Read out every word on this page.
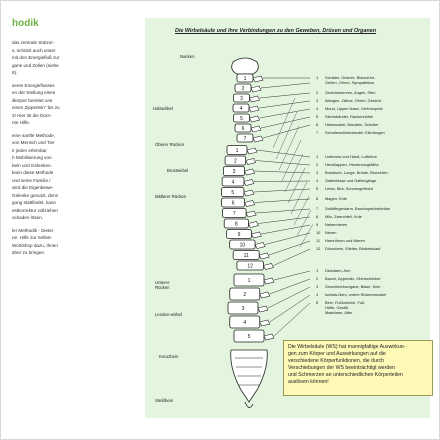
hodik
das zentrale Stützor-
s, schützt auch unser
mit den Energiefluß zur
gane und Zellen (siehe
8).
seres Energieflusses
en der Stellung eines
ilkörper bereitet uns
einen Zipperlein" bis zu
3! Hier ist die Dorn-
nte Hilfe.
eine sanfte Methode,
von Mensch und Tier
ir jeden erlernbar
h Mobilisierung von
beln und Gelenken.
kann diese Methode
und seine Familie /
wird die Eigenbewe-
Gelenke genutzt, denn
gung stattfindet, kann
estkorrektur vollziehen
ockaden lösen.
ler Methodik - Dieter
ne: Hilfe zur Selbst-
Workshop dazu, Ihnen
äher zu bringen.
Die Wirbelsäule und ihre Verbindungen zu den Geweben, Drüsen und Organen
1
2
3
4
5
6
7
1
2
3
4
5
6
7
8
9
10
11
12
1
2
3
4
5
Nacken
Halswirbel
Oberer Rücken
Brustwirbel
Mittlerer Rücken
Unterer Rücken
Lenden-wirbel
Kreuzbein
Steißbein
1 Schädel, Gesicht, Blutzufuhr,
Gehirn, Ohren, Sympathikus
2 Gesichtsnerven, Augen, Stirn
3 Wangen, Zähne, Ohren, Gesicht
4 Mund, Lippen Nase, Ohrtrompete
5 Stimmbänder, Rachenhöhle
6 Halsmuskel, Mandeln, Schulter
7 Schulterschleimbeutel, Ellenbogen
1 Unterarm und Hand, Luftröhre
2 Herzklappen, Herzkranzgefäße
3 Brustkorb, Lunge, Brüste, Bronchien
4 Gallenblase und Gallengänge
5 Leber, Blut, Sonnengeflecht
6 Magen, Knie
7 Zwölffingerdarm, Bauchspeicheldrüse
8 Milz, Zwerchfell, Knie
9 Nebennieren
10 Nieren
11 Harnröhren und Nieren
12 Dünndarm, Eileiter, Blutkreislauf
1 Dickdarm, Arm
2 Bauch, Appendix, Oberschenkel
3 Geschlechtsorgane, Blase, Knie
4 Ischias-Nerv, untere Rückenmuskel
5 Bein, Fußknöchel, Fuß,
Hüfte, Gesäß
Mastdarm, After
Die Wirbelsäule (WS) hat mannigfaltige Auswirkun-
gen zum Körper und Auswirkungen auf die
verschiedene Körperfunktionen, die durch
Verschiebungen der WS beeinträchtigt werden
und Schmerzen an unterschiedlichen Körperteilen
auslösen können!
